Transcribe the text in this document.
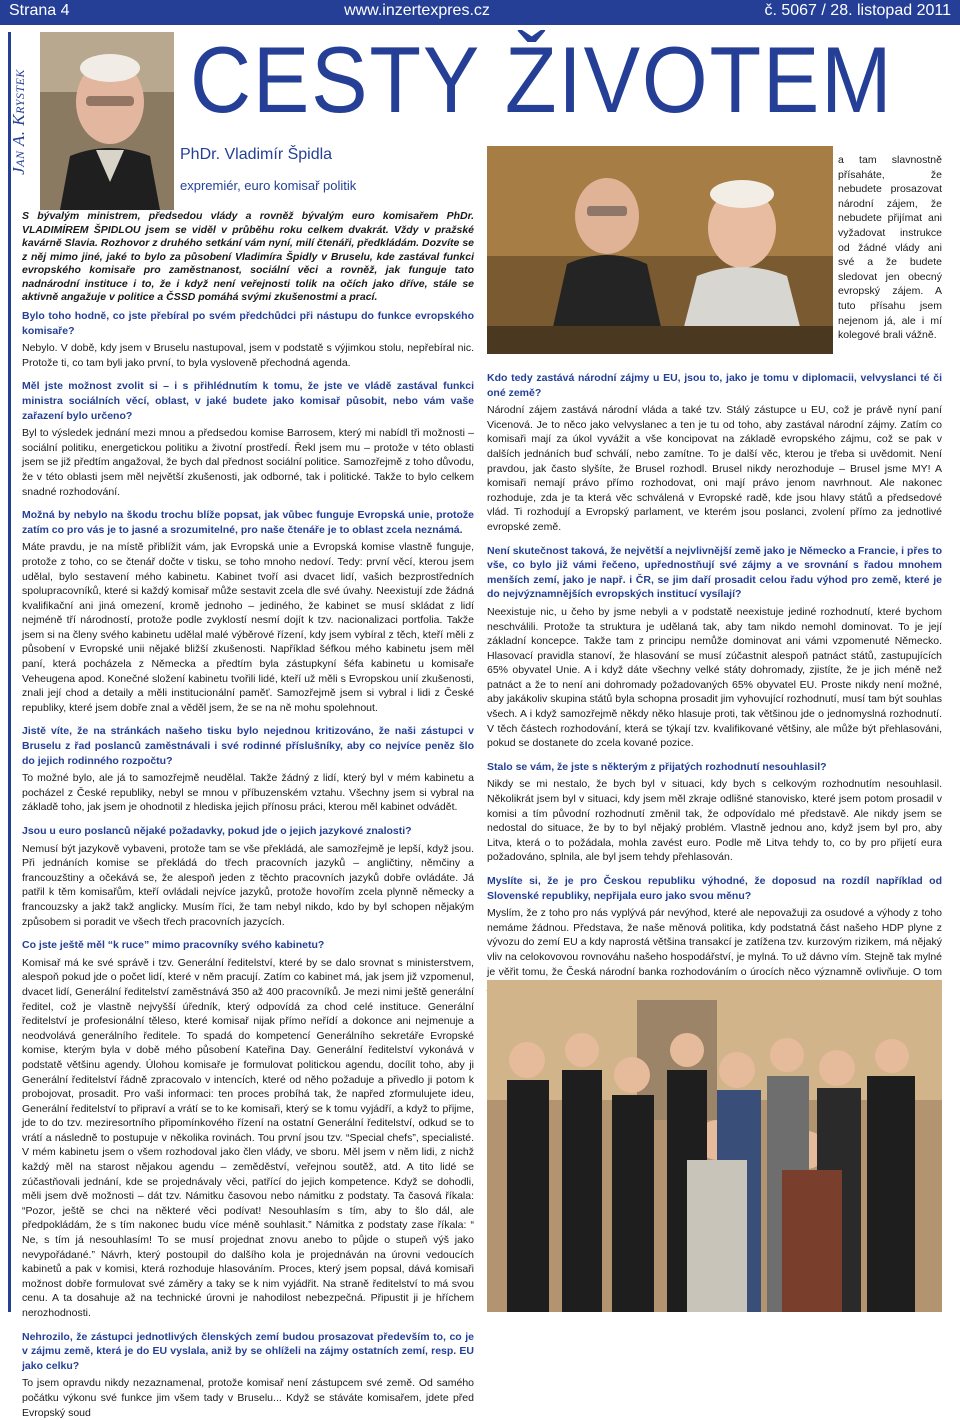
Strana 4	www.inzertexpres.cz	č. 5067 / 28. listopad 2011
Jan A. Krystek CESTY ŽIVOTEM
PhDr. Vladimír Špidla
expremiér, euro komisař politik
S bývalým ministrem, předsedou vlády a rovněž bývalým euro komisařem PhDr. VLADIMÍREM ŠPIDLOU jsem se viděl v průběhu roku celkem dvakrát. Vždy v pražské kavárně Slavia. Rozhovor z druhého setkání vám nyní, milí čtenáři, předkládám. Dozvíte se z něj mimo jiné, jaké to bylo za působení Vladimíra Špidly v Bruselu, kde zastával funkci evropského komisaře pro zaměstnanost, sociální věci a rovněž, jak funguje tato nadnárodní instituce i to, že i když není veřejnosti tolik na očích jako dříve, stále se aktivně angažuje v politice a ČSSD pomáhá svými zkušenostmi a prací.

Bylo toho hodně, co jste přebíral po svém předchůdci při nástupu do funkce evropského komisaře?

Nebylo. V době, kdy jsem v Bruselu nastupoval, jsem v podstatě s výjimkou stolu, nepřebíral nic. Protože ti, co tam byli jako první, to byla vysloveně přechodná agenda.

Měl jste možnost zvolit si – i s přihlédnutím k tomu, že jste ve vládě zastával funkci ministra sociálních věcí, oblast, v jaké budete jako komisař působit, nebo vám vaše zařazení bylo určeno?

Byl to výsledek jednání mezi mnou a předsedou komise Barrosem, který mi nabídl tři možnosti – sociální politiku, energetickou politiku a životní prostředí. Řekl jsem mu – protože v této oblasti jsem se již předtím angažoval, že bych dal přednost sociální politice. Samozřejmě z toho důvodu, že v této oblasti jsem měl největší zkušenosti, jak odborné, tak i politické. Takže to bylo celkem snadné rozhodování.

Možná by nebylo na škodu trochu blíže popsat, jak vůbec funguje Evropská unie, protože zatím co pro vás je to jasné a srozumitelné, pro naše čtenáře je to oblast zcela neznámá.

Máte pravdu, je na místě přiblížit vám, jak Evropská unie a Evropská komise vlastně funguje, protože z toho, co se čtenář dočte v tisku, se toho mnoho nedoví. Tedy: první věcí, kterou jsem udělal, bylo sestavení mého kabinetu. Kabinet tvoří asi dvacet lidí, vašich bezprostředních spolupracovníků, které si každý komisař může sestavit zcela dle své úvahy. Neexistují zde žádná kvalifikační ani jiná omezení, kromě jednoho – jediného, že kabinet se musí skládat z lidí nejméně tří národností, protože podle zvyklostí nesmí dojít k tzv. nacionalizaci portfolia. Takže jsem si na členy svého kabinetu udělal malé výběrové řízení, kdy jsem vybíral z těch, kteří měli z působení v Evropské unii nějaké bližší zkušenosti. Například šéfkou mého kabinetu jsem měl paní, která pocházela z Německa a předtím byla zástupkyní šéfa kabinetu u komisaře Veheugena apod. Konečné složení kabinetu tvořili lidé, kteří už měli s Evropskou unií zkušenosti, znali její chod a detaily a měli institucionální paměť. Samozřejmě jsem si vybral i lidi z České republiky, které jsem dobře znal a věděl jsem, že se na ně mohu spolehnout.

Jistě víte, že na stránkách našeho tisku bylo nejednou kritizováno, že naši zástupci v Bruselu z řad poslanců zaměstnávali i své rodinné příslušníky, aby co nejvíce peněz šlo do jejich rodinného rozpočtu?

To možné bylo, ale já to samozřejmě neudělal. Takže žádný z lidí, který byl v mém kabinetu a pocházel z České republiky, nebyl se mnou v příbuzenském vztahu. Všechny jsem si vybral na základě toho, jak jsem je ohodnotil z hlediska jejich přínosu práci, kterou měl kabinet odvádět.

Jsou u euro poslanců nějaké požadavky, pokud jde o jejich jazykové znalosti?

Nemusí být jazykově vybaveni, protože tam se vše překládá, ale samozřejmě je lepší, když jsou. Při jednáních komise se překládá do třech pracovních jazyků – angličtiny, němčiny a francouzštiny a očekává se, že alespoň jeden z těchto pracovních jazyků dobře ovládáte. Já patřil k těm komisařům, kteří ovládali nejvíce jazyků, protože hovořím zcela plynně německy a francouzsky a jakž takž anglicky. Musím říci, že tam nebyl nikdo, kdo by byl schopen nějakým způsobem si poradit ve všech třech pracovních jazycích.

Co jste ještě měl “k ruce” mimo pracovníky svého kabinetu?

Komisař má ke své správě i tzv. Generální ředitelství, které by se dalo srovnat s ministerstvem, alespoň pokud jde o počet lidí, které v něm pracují. Zatím co kabinet má, jak jsem již vzpomenul, dvacet lidí, Generální ředitelství zaměstnává 350 až 400 pracovníků. Je mezi nimi ještě generální ředitel, což je vlastně nejvyšší úředník, který odpovídá za chod celé instituce. Generální ředitelství je profesionální těleso, které komisař nijak přímo neřídí a dokonce ani nejmenuje a neodvolává generálního ředitele. To spadá do kompetencí Generálního sekretáře Evropské komise, kterým byla v době mého působení Kateřina Day. Generální ředitelství vykonává v podstatě většinu agendy. Úlohou komisaře je formulovat politickou agendu, docílit toho, aby ji Generální ředitelství řádně zpracovalo v intencích, které od něho požaduje a přivedlo ji potom k probojovat, prosadit. Pro vaši informaci: ten proces probíhá tak, že napřed zformulujete ideu, Generální ředitelství to připraví a vrátí se to ke komisaři, který se k tomu vyjádří, a když to přijme, jde to do tzv. meziresortního připomínkového řízení na ostatní Generální ředitelství, odkud se to vrátí a následně to postupuje v několika rovinách. Tou první jsou tzv. “Special chefs”, specialisté. V mém kabinetu jsem o všem rozhodoval jako člen vlády, ve sboru. Měl jsem v něm lidi, z nichž každý měl na starost nějakou agendu – zeměděství, veřejnou soutěž, atd. A tito lidé se zúčastňovali jednání, kde se projednávaly věci, patřící do jejich kompetence. Když se dohodli, měli jsem dvě možnosti – dát tzv. Námitku časovou nebo námitku z podstaty. Ta časová říkala: “Pozor, ještě se chci na některé věci podívat! Nesouhlasím s tím, aby to šlo dál, ale předpokládám, že s tím nakonec budu více méně souhlasit.” Námitka z podstaty zase říkala: “ Ne, s tím já nesouhlasím! To se musí projednat znovu anebo to půjde o stupeň výš jako nevypořádané.” Návrh, který postoupil do dalšího kola je projednáván na úrovni vedoucích kabinetů a pak v komisi, která rozhoduje hlasováním. Proces, který jsem popsal, dává komisaři možnost dobře formulovat své záměry a taky se k nim vyjádřit. Na straně ředitelství to má svou cenu. A ta dosahuje až na technické úrovni je nahodilost nebezpečná. Připustit ji je hříchem nerozhodnosti.

Nehrozilo, že zástupci jednotlivých členských zemí budou prosazovat především to, co je v zájmu země, která je do EU vyslala, aniž by se ohlíželi na zájmy ostatních zemí, resp. EU jako celku?

To jsem opravdu nikdy nezaznamenal, protože komisař není zástupcem své země. Od samého počátku výkonu své funkce jim všem tady v Bruselu... Když se stáváte komisařem, jdete před Evropský soud

a tam slavnostně přísaháte, že nebudete prosazovat národní zájem, že nebudete přijímat ani vyžadovat instrukce od žádné vlády ani své a že budete sledovat jen obecný evropský zájem. A tuto přísahu jsem nejenom já, ale i mí kolegové brali vážně.

Kdo tedy zastává národní zájmy u EU, jsou to, jako je tomu v diplomacii, velvyslanci té či oné země?

Národní zájem zastává národní vláda a také tzv. Stálý zástupce u EU, což je právě nyní paní Vicenová. Je to něco jako velvyslanec a ten je tu od toho, aby zastával národní zájmy. Zatím co komisaři mají za úkol vyvážit a vše koncipovat na základě evropského zájmu, což se pak v dalších jednáních buď schválí, nebo zamítne. To je další věc, kterou je třeba si uvědomit. Není pravdou, jak často slyšíte, že Brusel rozhodl. Brusel nikdy nerozhoduje – Brusel jsme MY! A komisaři nemají právo přímo rozhodovat, oni mají právo jenom navrhnout. Ale nakonec rozhoduje, zda je ta která věc schválená v Evropské radě, kde jsou hlavy států a předsedové vlád. Ti rozhodují a Evropský parlament, ve kterém jsou poslanci, zvolení přímo za jednotlivé evropské země.

Není skutečnost taková, že největší a nejvlivnější země jako je Německo a Francie, i přes to vše, co bylo již vámi řečeno, upřednostňují své zájmy a ve srovnání s řadou mnohem menších zemí, jako je např. i ČR, se jim daří prosadit celou řadu výhod pro země, které je do nejvýznamnějších evropských institucí vysílají?

Neexistuje nic, u čeho by jsme nebyli a v podstatě neexistuje jediné rozhodnutí, které bychom neschválili. Protože ta struktura je udělaná tak, aby tam nikdo nemohl dominovat. To je její základní koncepce. Takže tam z principu nemůže dominovat ani vámi vzpomenuté Německo. Hlasovací pravidla stanoví, že hlasování se musí zúčastnit alespoň patnáct států, zastupujících 65% obyvatel Unie. A i když dáte všechny velké státy dohromady, zjistíte, že je jich méně než patnáct a že to není ani dohromady požadovaných 65% obyvatel EU. Proste nikdy není možné, aby jakákoliv skupina států byla schopna prosadit jim vyhovující rozhodnutí, musí tam být souhlas všech. A i když samozřejmě někdy něko hlasuje proti, tak většinou jde o jednomyslná rozhodnutí. V těch částech rozhodování, která se týkají tzv. kvalifikované většiny, ale může být přehlasováni, pokud se dostanete do zcela kované pozice.

Stalo se vám, že jste s některým z přijatých rozhodnutí nesouhlasil?

Nikdy se mi nestalo, že bych byl v situaci, kdy bych s celkovým rozhodnutím nesouhlasil. Několikrát jsem byl v situaci, kdy jsem měl zkraje odlišné stanovisko, které jsem potom prosadil v komisi a tím původní rozhodnutí změnil tak, že odpovídalo mé představě. Ale nikdy jsem se nedostal do situace, že by to byl nějaký problém. Vlastně jednou ano, když jsem byl pro, aby Litva, která o to požádala, mohla zavést euro. Podle mě Litva tehdy to, co by pro přijetí eura požadováno, splnila, ale byl jsem tehdy přehlasován.

Myslíte si, že je pro Českou republiku výhodné, že doposud na rozdíl například od Slovenské republiky, nepřijala euro jako svou měnu?

Myslím, že z toho pro nás vyplývá pár nevýhod, které ale nepovažuji za osudové a výhody z toho nemáme žádnou. Představa, že naše měnová politika, kdy podstatná část našeho HDP plyne z vývozu do zemí EU a kdy naprostá většina transakcí je zatížena tzv. kurzovým rizikem, má nějaký vliv na celokovovou rovnováhu našeho hospodářství, je mylná. To už dávno vím. Stejně tak mylné je věřit tomu, že Česká národní banka rozhodováním o úrocích něco významně ovlivňuje. O tom
